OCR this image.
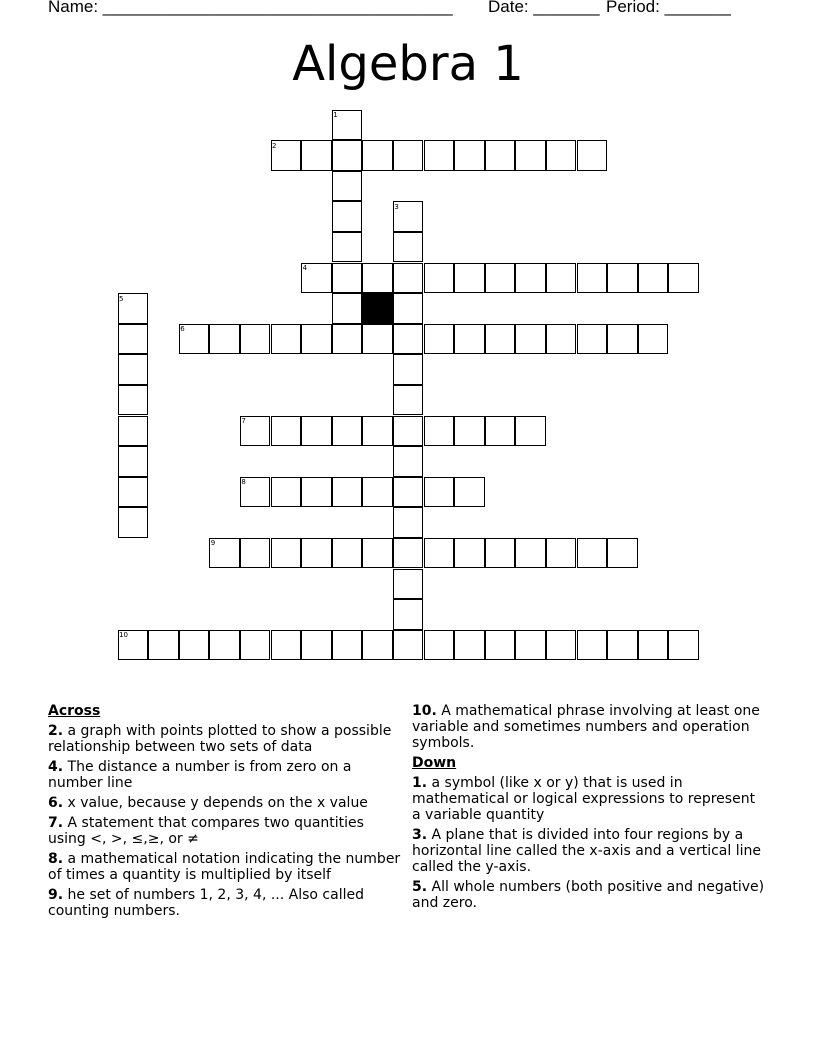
Name: _____________________________________

Date: _______

Period: _______

Algebra 1
1
2
3
4
5
6
7
8
9
10
Across
2. a graph with points plotted to show a possible relationship between two sets of data
4. The distance a number is from zero on a number line
6. x value, because y depends on the x value
7. A statement that compares two quantities using <, >, ≤,≥, or ≠
8. a mathematical notation indicating the number of times a quantity is multiplied by itself
9. he set of numbers 1, 2, 3, 4, ... Also called counting numbers.
10. A mathematical phrase involving at least one variable and sometimes numbers and operation symbols.
Down
1. a symbol (like x or y) that is used in mathematical or logical expressions to represent a variable quantity
3. A plane that is divided into four regions by a horizontal line called the x-axis and a vertical line called the y-axis.
5. All whole numbers (both positive and negative) and zero.
